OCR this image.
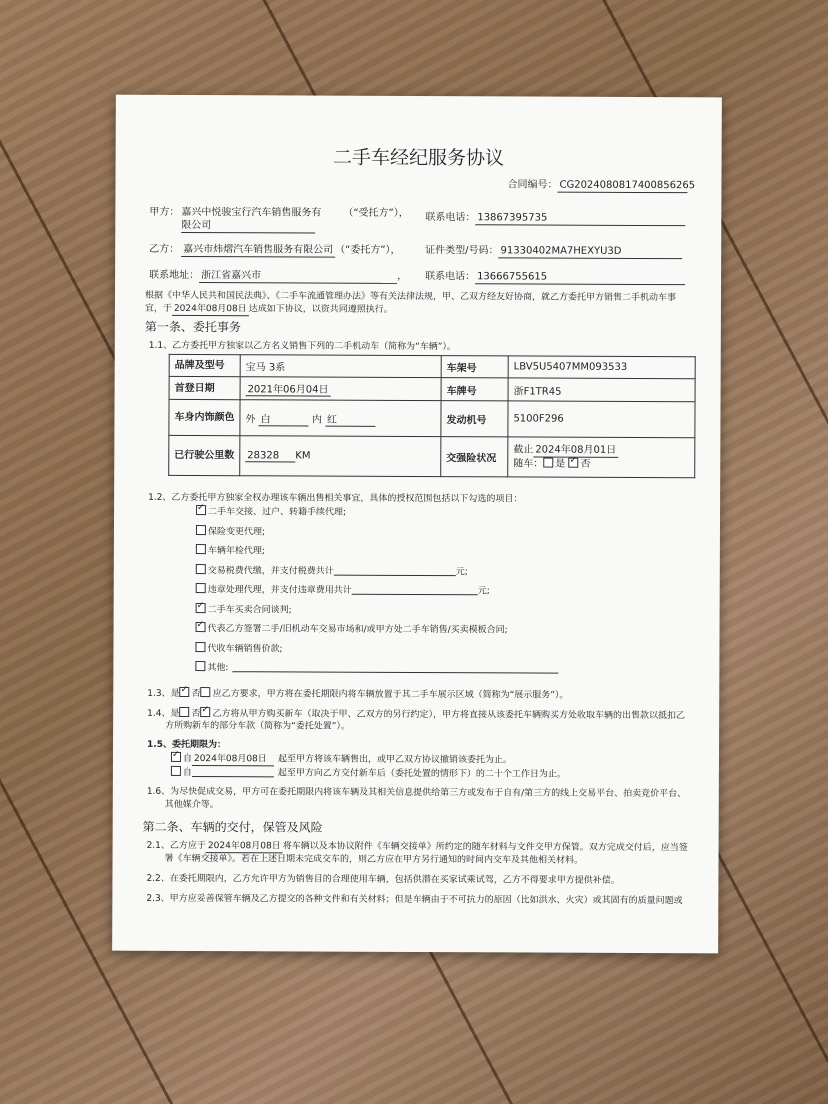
二手车经纪服务协议
合同编号： CG2024080817400856265
甲方： 嘉兴中悦骏宝行汽车销售服务有 （“受托方”），
限公司
联系电话： 13867395735
乙方： 嘉兴市炜熠汽车销售服务有限公司 （“委托方”）， 证件类型/号码： 91330402MA7HEXYU3D
联系地址： 浙江省嘉兴市	， 联系电话： 13666755615
根据《中华人民共和国民法典》、《二手车流通管理办法》等有关法律法规，甲、乙双方经友好协商，就乙方委托甲方销售二手机动车事
宜，于 2024年08月08日 达成如下协议，以资共同遵照执行。
第一条、委托事务
1.1、乙方委托甲方独家以乙方名义销售下列的二手机动车（简称为“车辆”）。
品牌及型号	宝马 3系	车架号	LBV5U5407MM093533
首登日期	2021年06月04日	车牌号	浙F1TR45
车身内饰颜色	外 白 内 红	发动机号	5100F296
已行驶公里数	28328 KM	交强险状况	截止 2024年08月01日
随车： 是 ✓ 否
1.2、乙方委托甲方独家全权办理该车辆出售相关事宜，具体的授权范围包括以下勾选的项目：
✓二手车交接、过户、转籍手续代理;
保险变更代理;
车辆年检代理;
交易税费代缴，并支付税费共计	元;
违章处理代理，并支付违章费用共计	元;
✓二手车买卖合同谈判;
✓代表乙方签署二手/旧机动车交易市场和/或甲方处二手车销售/买卖模板合同;
代收车辆销售价款;
其他:
1.3、是 ✓ 否 应乙方要求，甲方将在委托期限内将车辆放置于其二手车展示区域（简称为“展示服务”）。
1.4、是 否 ✓ 乙方将从甲方购买新车（取决于甲、乙双方的另行约定），甲方将直接从该委托车辆购买方处收取车辆的出售款以抵扣乙
方所购新车的部分车款（简称为“委托处置”）。
1.5、委托期限为：
✓自 2024年08月08日 起至甲方将该车辆售出，或甲乙双方协议撤销该委托为止。
自	起至甲方向乙方交付新车后（委托处置的情形下）的二十个工作日为止。
1.6、为尽快促成交易，甲方可在委托期限内将该车辆及其相关信息提供给第三方或发布于自有/第三方的线上交易平台、拍卖竞价平台、
其他媒介等。
第二条、车辆的交付，保管及风险
2.1、乙方应于 2024年08月08日 将车辆以及本协议附件《车辆交接单》所约定的随车材料与文件交甲方保管。双方完成交付后，应当签
署《车辆交接单》。若在上述日期未完成交车的，则乙方应在甲方另行通知的时间内交车及其他相关材料。
2.2、在委托期限内，乙方允许甲方为销售目的合理使用车辆，包括供潜在买家试乘试驾，乙方不得要求甲方提供补偿。
2.3、甲方应妥善保管车辆及乙方提交的各种文件和有关材料；但是车辆由于不可抗力的原因（比如洪水、火灾）或其固有的质量问题或
